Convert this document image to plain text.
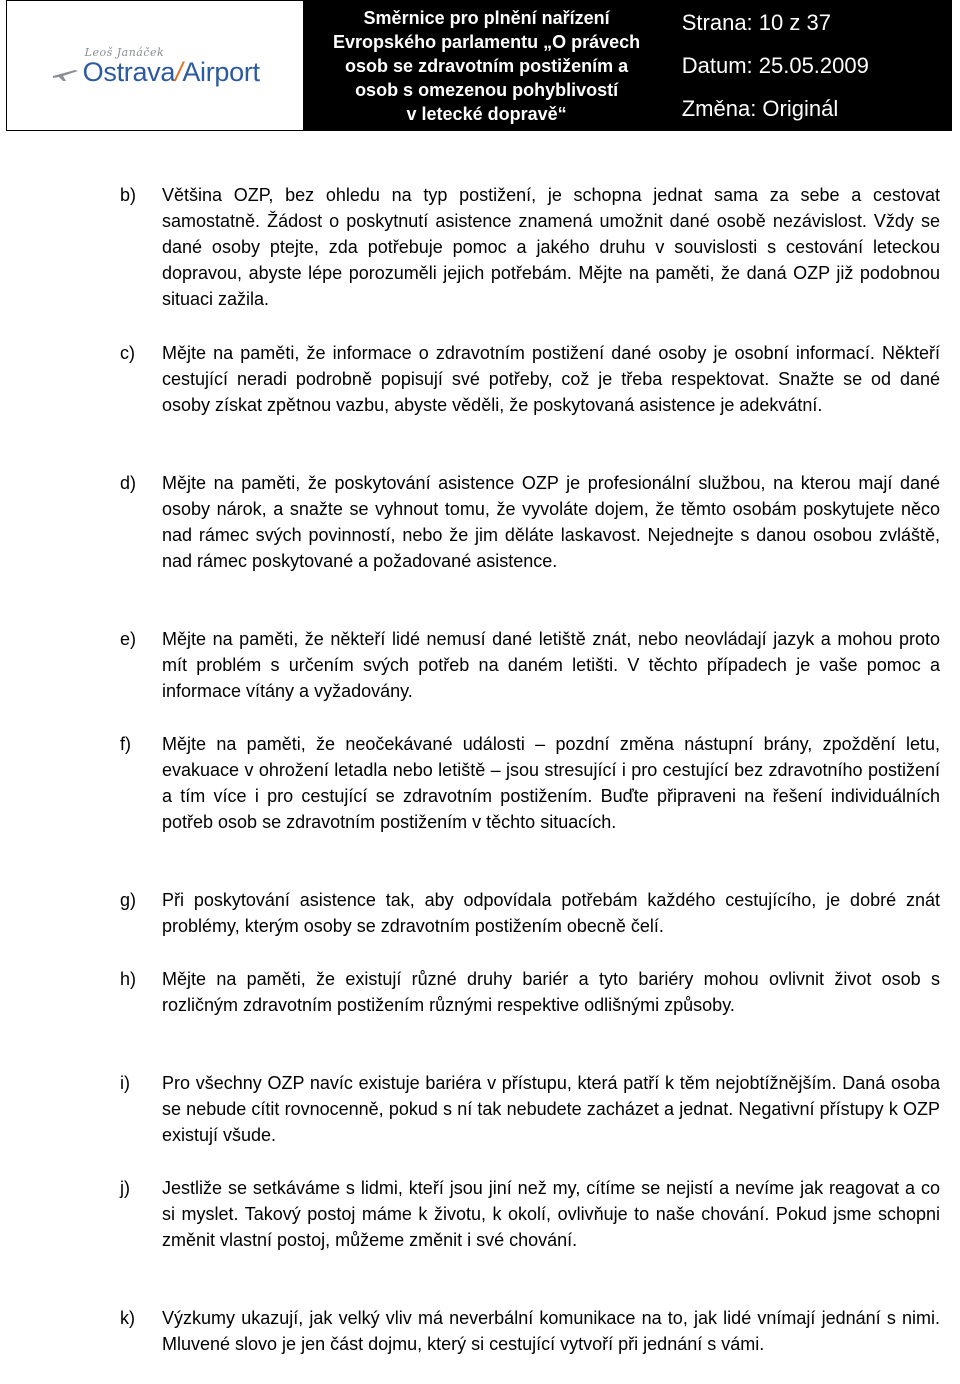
Leoš Janáček
Ostrava/Airport

Směrnice pro plnění nařízení
Evropského parlamentu „O právech
osob se zdravotním postižením a
osob s omezenou pohyblivostí
v letecké dopravě“

Strana: 10 z 37
Datum: 25.05.2009
Změna: Originál
b) Většina OZP, bez ohledu na typ postižení, je schopna jednat sama za sebe a cestovat samostatně. Žádost o poskytnutí asistence znamená umožnit dané osobě nezávislost. Vždy se dané osoby ptejte, zda potřebuje pomoc a jakého druhu v souvislosti s cestování leteckou dopravou, abyste lépe porozuměli jejich potřebám. Mějte na paměti, že daná OZP již podobnou situaci zažila.
c) Mějte na paměti, že informace o zdravotním postižení dané osoby je osobní informací. Někteří cestující neradi podrobně popisují své potřeby, což je třeba respektovat. Snažte se od dané osoby získat zpětnou vazbu, abyste věděli, že poskytovaná asistence je adekvátní.
d) Mějte na paměti, že poskytování asistence OZP je profesionální službou, na kterou mají dané osoby nárok, a snažte se vyhnout tomu, že vyvoláte dojem, že těmto osobám poskytujete něco nad rámec svých povinností, nebo že jim děláte laskavost. Nejednejte s danou osobou zvláště, nad rámec poskytované a požadované asistence.
e) Mějte na paměti, že někteří lidé nemusí dané letiště znát, nebo neovládají jazyk a mohou proto mít problém s určením svých potřeb na daném letišti. V těchto případech je vaše pomoc a informace vítány a vyžadovány.
f) Mějte na paměti, že neočekávané události – pozdní změna nástupní brány, zpoždění letu, evakuace v ohrožení letadla nebo letiště – jsou stresující i pro cestující bez zdravotního postižení a tím více i pro cestující se zdravotním postižením. Buďte připraveni na řešení individuálních potřeb osob se zdravotním postižením v těchto situacích.
g) Při poskytování asistence tak, aby odpovídala potřebám každého cestujícího, je dobré znát problémy, kterým osoby se zdravotním postižením obecně čelí.
h) Mějte na paměti, že existují různé druhy bariér a tyto bariéry mohou ovlivnit život osob s rozličným zdravotním postižením různými respektive odlišnými způsoby.
i) Pro všechny OZP navíc existuje bariéra v přístupu, která patří k těm nejobtížnějším. Daná osoba se nebude cítit rovnocenně, pokud s ní tak nebudete zacházet a jednat. Negativní přístupy k OZP existují všude.
j) Jestliže se setkáváme s lidmi, kteří jsou jiní než my, cítíme se nejistí a nevíme jak reagovat a co si myslet. Takový postoj máme k životu, k okolí, ovlivňuje to naše chování. Pokud jsme schopni změnit vlastní postoj, můžeme změnit i své chování.
k) Výzkumy ukazují, jak velký vliv má neverbální komunikace na to, jak lidé vnímají jednání s nimi. Mluvené slovo je jen část dojmu, který si cestující vytvoří při jednání s vámi.
